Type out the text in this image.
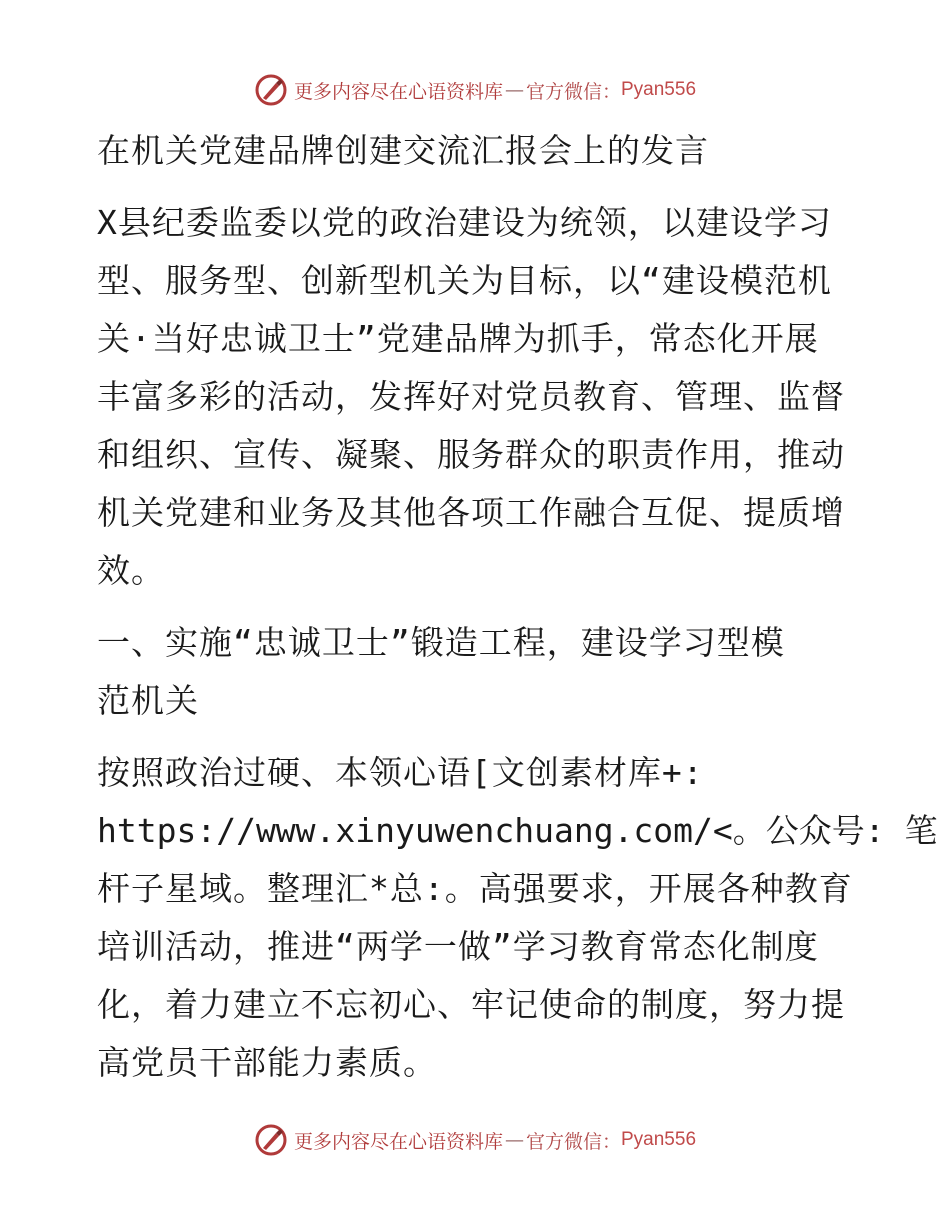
更多内容尽在心语资料库 — 官方微信： Pyan556
在机关党建品牌创建交流汇报会上的发言
X县纪委监委以党的政治建设为统领，以建设学习
型、服务型、创新型机关为目标，以“建设模范机
关·当好忠诚卫士”党建品牌为抓手，常态化开展
丰富多彩的活动，发挥好对党员教育、管理、监督
和组织、宣传、凝聚、服务群众的职责作用，推动
机关党建和业务及其他各项工作融合互促、提质增
效。
一、实施“忠诚卫士”锻造工程，建设学习型模
范机关
按照政治过硬、本领心语[文创素材库+:
https://www.xinyuwenchuang.com/<。公众号: 笔
杆子星域。整理汇*总:。高强要求，开展各种教育
培训活动，推进“两学一做”学习教育常态化制度
化，着力建立不忘初心、牢记使命的制度，努力提
高党员干部能力素质。
更多内容尽在心语资料库 — 官方微信： Pyan556
